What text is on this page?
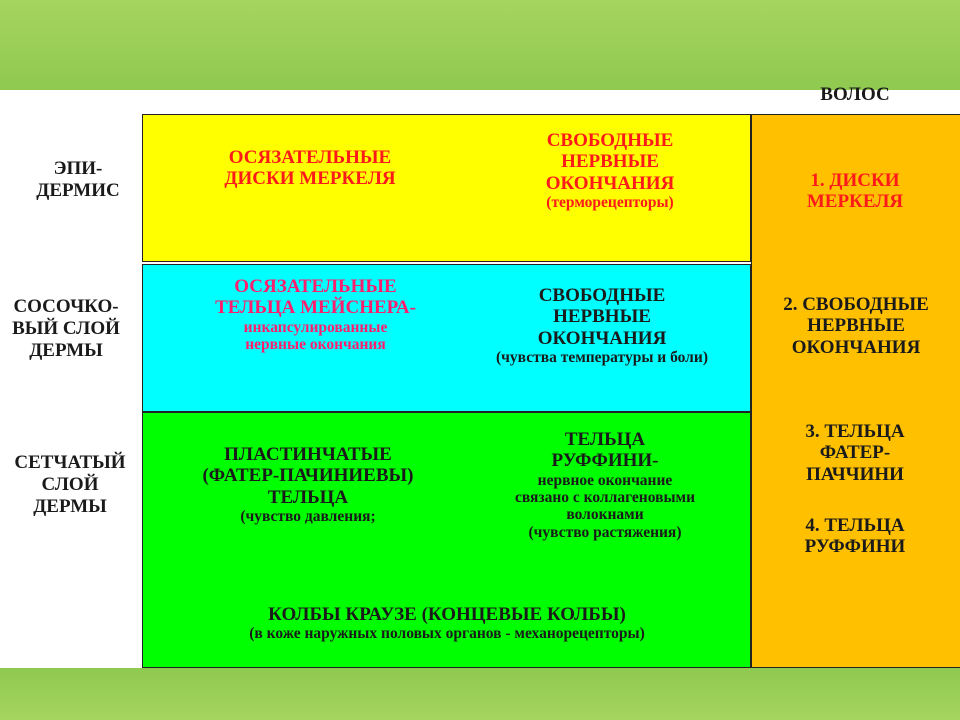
ВОЛОС
ЭПИ-
ДЕРМИС
СОСОЧКО-
ВЫЙ СЛОЙ
ДЕРМЫ
СЕТЧАТЫЙ
СЛОЙ
ДЕРМЫ
ОСЯЗАТЕЛЬНЫЕ
ДИСКИ МЕРКЕЛЯ
СВОБОДНЫЕ
НЕРВНЫЕ
ОКОНЧАНИЯ
(терморецепторы)
ОСЯЗАТЕЛЬНЫЕ
ТЕЛЬЦА МЕЙСНЕРА-
инкапсулированные
нервные окончания
СВОБОДНЫЕ
НЕРВНЫЕ
ОКОНЧАНИЯ
(чувства температуры и боли)
ПЛАСТИНЧАТЫЕ
(ФАТЕР-ПАЧИНИЕВЫ)
ТЕЛЬЦА
(чувство давления;
ТЕЛЬЦА
РУФФИНИ-
нервное окончание
связано с коллагеновыми
волокнами
(чувство растяжения)
КОЛБЫ КРАУЗЕ (КОНЦЕВЫЕ КОЛБЫ)
(в коже наружных половых органов - механорецепторы)
1. ДИСКИ
МЕРКЕЛЯ
2. СВОБОДНЫЕ
НЕРВНЫЕ
ОКОНЧАНИЯ
3. ТЕЛЬЦА
ФАТЕР-
ПАЧЧИНИ
4. ТЕЛЬЦА
РУФФИНИ
